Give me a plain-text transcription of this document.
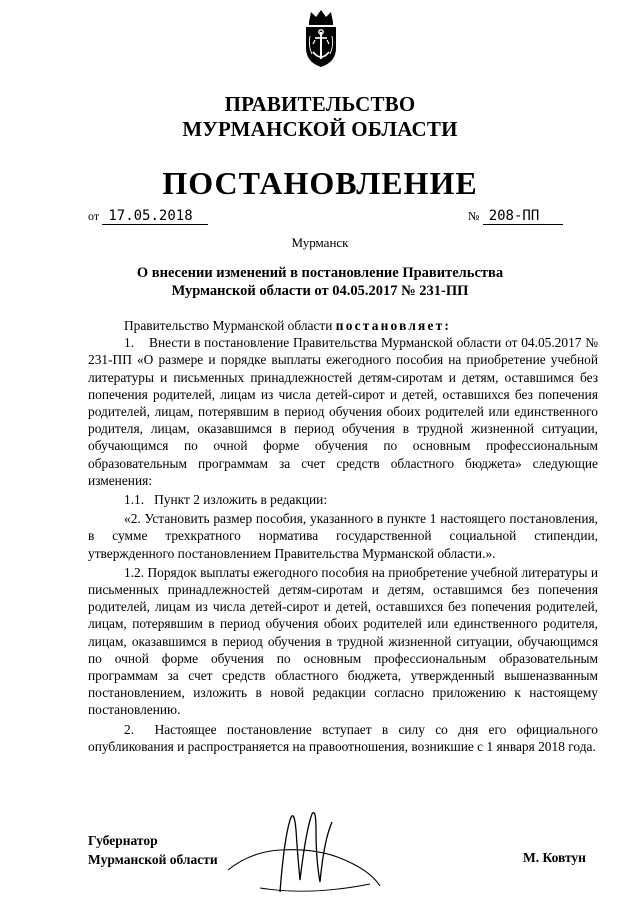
ПРАВИТЕЛЬСТВО
МУРМАНСКОЙ ОБЛАСТИ
ПОСТАНОВЛЕНИЕ
от 17.05.2018	№ 208-ПП
Мурманск
О внесении изменений в постановление Правительства
Мурманской области от 04.05.2017 № 231-ПП

Правительство Мурманской области постановляет:

1.    Внести в постановление Правительства Мурманской области от 04.05.2017 № 231-ПП «О размере и порядке выплаты ежегодного пособия на приобретение учебной литературы и письменных принадлежностей детям-сиротам и детям, оставшимся без попечения родителей, лицам из числа детей-сирот и детей, оставшихся без попечения родителей, лицам, потерявшим в период обучения обоих родителей или единственного родителя, лицам, оказавшимся в период обучения в трудной жизненной ситуации, обучающимся по очной форме обучения по основным профессиональным образовательным программам за счет средств областного бюджета» следующие изменения:

1.1.   Пункт 2 изложить в редакции:

«2. Установить размер пособия, указанного в пункте 1 настоящего постановления, в сумме трехкратного норматива государственной социальной стипендии, утвержденного постановлением Правительства Мурманской области.».

1.2. Порядок выплаты ежегодного пособия на приобретение учебной литературы и письменных принадлежностей детям-сиротам и детям, оставшимся без попечения родителей, лицам из числа детей-сирот и детей, оставшихся без попечения родителей, лицам, потерявшим в период обучения обоих родителей или единственного родителя, лицам, оказавшимся в период обучения в трудной жизненной ситуации, обучающимся по очной форме обучения по основным профессиональным образовательным программам за счет средств областного бюджета, утвержденный вышеназванным постановлением, изложить в новой редакции согласно приложению к настоящему постановлению.

2.  Настоящее постановление вступает в силу со дня его официального опубликования и распространяется на правоотношения, возникшие с 1 января 2018 года.

Губернатор
Мурманской области	М. Ковтун
